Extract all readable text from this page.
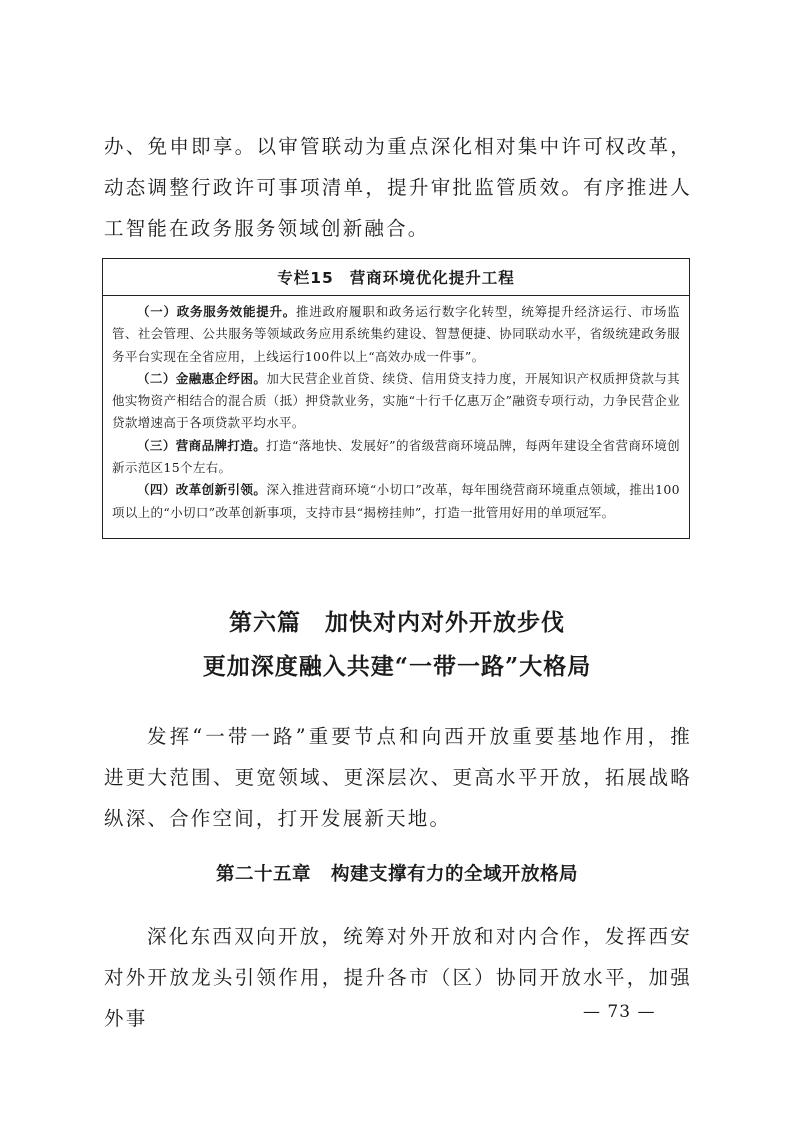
办、免申即享。以审管联动为重点深化相对集中许可权改革，动态调整行政许可事项清单，提升审批监管质效。有序推进人工智能在政务服务领域创新融合。

专栏15 营商环境优化提升工程

（一）政务服务效能提升。推进政府履职和政务运行数字化转型，统筹提升经济运行、市场监管、社会管理、公共服务等领域政务应用系统集约建设、智慧便捷、协同联动水平，省级统建政务服务平台实现在全省应用，上线运行100件以上“高效办成一件事”。

（二）金融惠企纾困。加大民营企业首贷、续贷、信用贷支持力度，开展知识产权质押贷款与其他实物资产相结合的混合质（抵）押贷款业务，实施“十行千亿惠万企”融资专项行动，力争民营企业贷款增速高于各项贷款平均水平。

（三）营商品牌打造。打造“落地快、发展好”的省级营商环境品牌，每两年建设全省营商环境创新示范区15个左右。

（四）改革创新引领。深入推进营商环境“小切口”改革，每年围绕营商环境重点领域，推出100项以上的“小切口”改革创新事项，支持市县“揭榜挂帅”，打造一批管用好用的单项冠军。

第六篇 加快对内对外开放步伐
更加深度融入共建“一带一路”大格局

发挥“一带一路”重要节点和向西开放重要基地作用，推进更大范围、更宽领域、更深层次、更高水平开放，拓展战略纵深、合作空间，打开发展新天地。

第二十五章 构建支撑有力的全域开放格局

深化东西双向开放，统筹对外开放和对内合作，发挥西安对外开放龙头引领作用，提升各市（区）协同开放水平，加强外事	— 73 —
